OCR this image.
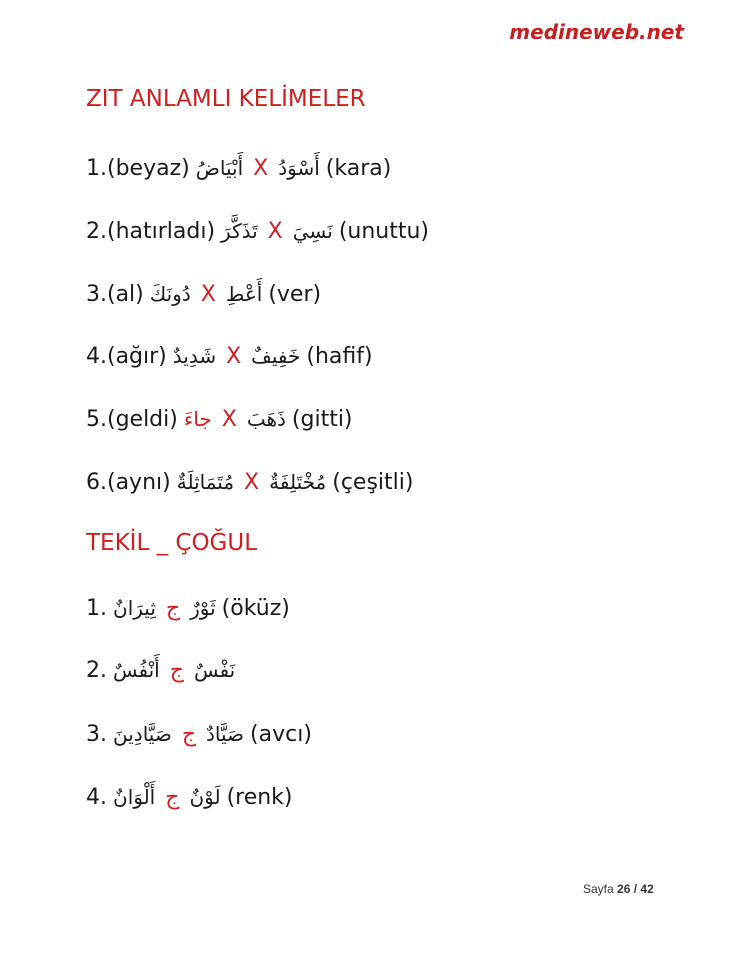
medineweb.net
ZIT ANLAMLI KELİMELER
1.(beyaz) أَبْيَاضُ X أَسْوَدُ (kara)
2.(hatırladı) تَذَكَّرَ X نَسِيَ (unuttu)
3.(al) دُونَكَ X أَعْطِ (ver)
4.(ağır) شَدِيدٌ X خَفِيفٌ (hafif)
5.(geldi) جاءَ X ذَهَبَ (gitti)
6.(aynı) مُتَمَاثِلَةٌ X مُخْتَلِفَةٌ (çeşitli)
TEKİL _ ÇOĞUL
1. ثِيرَانٌ ج ثَوْرٌ (öküz)
2. أَنْفُسٌ ج نَفْسٌ
3. صَيَّادِينَ ج صَيَّادٌ (avcı)
4. أَلْوَانٌ ج لَوْنٌ (renk)
Sayfa 26 / 42
